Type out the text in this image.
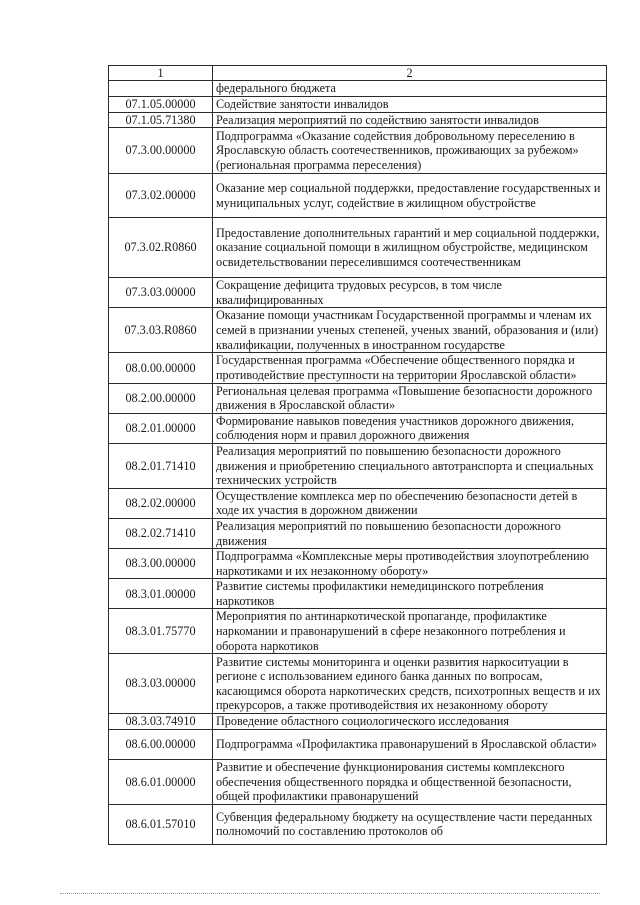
1	2
	федерального бюджета
07.1.05.00000	Содействие занятости инвалидов
07.1.05.71380	Реализация мероприятий по содействию занятости инвалидов
07.3.00.00000	Подпрограмма «Оказание содействия добровольному переселению в Ярославскую область соотечественников, проживающих за рубежом» (региональная программа переселения)
07.3.02.00000	Оказание мер социальной поддержки, предоставление государственных и муниципальных услуг, содействие в жилищном обустройстве
07.3.02.R0860	Предоставление дополнительных гарантий и мер социальной поддержки, оказание социальной помощи в жилищном обустройстве, медицинском освидетельствовании переселившимся соотечественникам
07.3.03.00000	Сокращение дефицита трудовых ресурсов, в том числе квалифицированных
07.3.03.R0860	Оказание помощи участникам Государственной программы и членам их семей в признании ученых степеней, ученых званий, образования и (или) квалификации, полученных в иностранном государстве
08.0.00.00000	Государственная программа «Обеспечение общественного порядка и противодействие преступности на территории Ярославской области»
08.2.00.00000	Региональная целевая программа «Повышение безопасности дорожного движения в Ярославской области»
08.2.01.00000	Формирование навыков поведения участников дорожного движения, соблюдения норм и правил дорожного движения
08.2.01.71410	Реализация мероприятий по повышению безопасности дорожного движения и приобретению специального автотранспорта и специальных технических устройств
08.2.02.00000	Осуществление комплекса мер по обеспечению безопасности детей в ходе их участия в дорожном движении
08.2.02.71410	Реализация мероприятий по повышению безопасности дорожного движения
08.3.00.00000	Подпрограмма «Комплексные меры противодействия злоупотреблению наркотиками и их незаконному обороту»
08.3.01.00000	Развитие системы профилактики немедицинского потребления наркотиков
08.3.01.75770	Мероприятия по антинаркотической пропаганде, профилактике наркомании и правонарушений в сфере незаконного потребления и оборота наркотиков
08.3.03.00000	Развитие системы мониторинга и оценки развития наркоситуации в регионе с использованием единого банка данных по вопросам, касающимся оборота наркотических средств, психотропных веществ и их прекурсоров, а также противодействия их незаконному обороту
08.3.03.74910	Проведение областного социологического исследования
08.6.00.00000	Подпрограмма «Профилактика правонарушений в Ярославской области»
08.6.01.00000	Развитие и обеспечение функционирования системы комплексного обеспечения общественного порядка и общественной безопасности, общей профилактики правонарушений
08.6.01.57010	Субвенция федеральному бюджету на осуществление части переданных полномочий по составлению протоколов об
